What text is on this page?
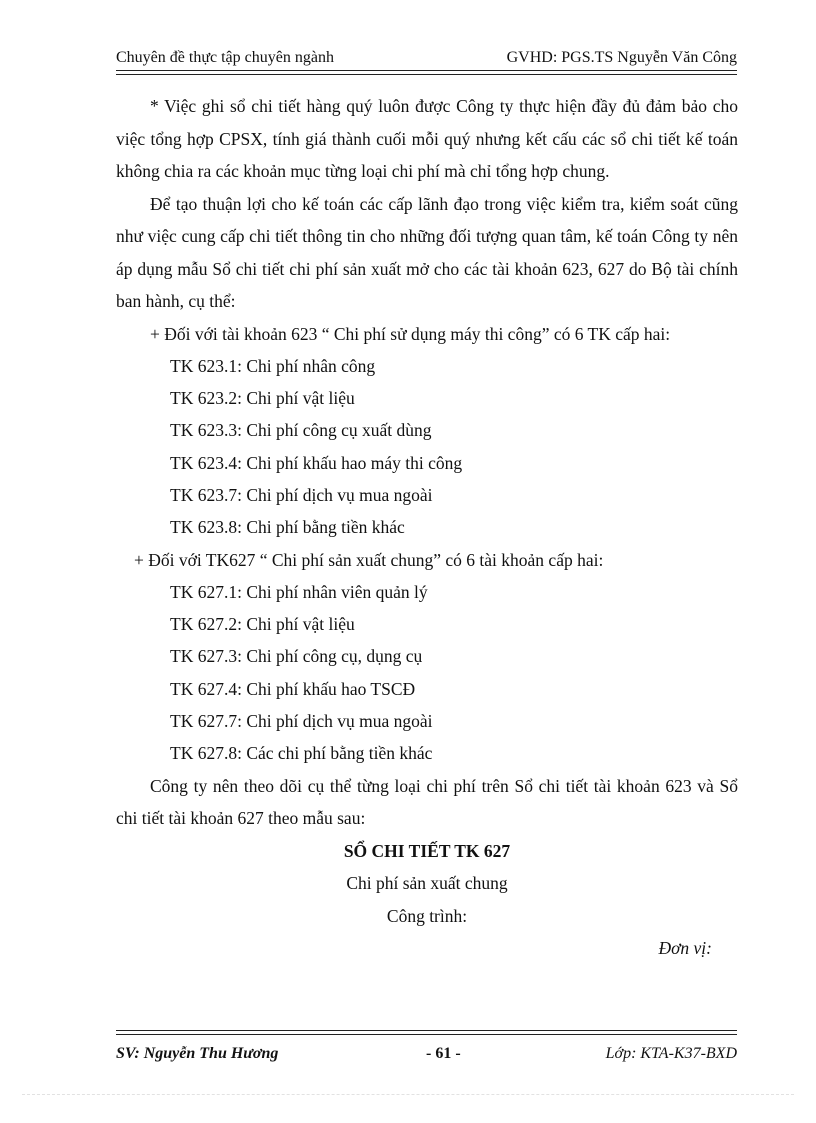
Chuyên đề thực tập chuyên ngành	GVHD: PGS.TS Nguyễn Văn Công

* Việc ghi sổ chi tiết hàng quý luôn được Công ty thực hiện đầy đủ đảm bảo cho việc tổng hợp CPSX, tính giá thành cuối mỗi quý nhưng kết cấu các sổ chi tiết kế toán không chia ra các khoản mục từng loại chi phí mà chỉ tổng hợp chung.

Để tạo thuận lợi cho kế toán các cấp lãnh đạo trong việc kiểm tra, kiểm soát cũng như việc cung cấp chi tiết thông tin cho những đối tượng quan tâm, kế toán Công ty nên áp dụng mẫu Sổ chi tiết chi phí sản xuất mở cho các tài khoản 623, 627 do Bộ tài chính ban hành, cụ thể:

+ Đối với tài khoản 623 “ Chi phí sử dụng máy thi công” có 6 TK cấp hai:

TK 623.1: Chi phí nhân công

TK 623.2: Chi phí vật liệu

TK 623.3: Chi phí công cụ xuất dùng

TK 623.4: Chi phí khấu hao máy thi công

TK 623.7: Chi phí dịch vụ mua ngoài

TK 623.8: Chi phí bằng tiền khác

+ Đối với TK627 “ Chi phí sản xuất chung” có 6 tài khoản cấp hai:

TK 627.1: Chi phí nhân viên quản lý

TK 627.2: Chi phí vật liệu

TK 627.3: Chi phí công cụ, dụng cụ

TK 627.4: Chi phí khấu hao TSCĐ

TK 627.7: Chi phí dịch vụ mua ngoài

TK 627.8: Các chi phí bằng tiền khác

Công ty nên theo dõi cụ thể từng loại chi phí trên Sổ chi tiết tài khoản 623 và Sổ chi tiết tài khoản 627 theo mẫu sau:

SỔ CHI TIẾT TK 627

Chi phí sản xuất chung

Công trình:

Đơn vị:

SV: Nguyễn Thu Hương	- 61 -	Lớp: KTA-K37-BXD
